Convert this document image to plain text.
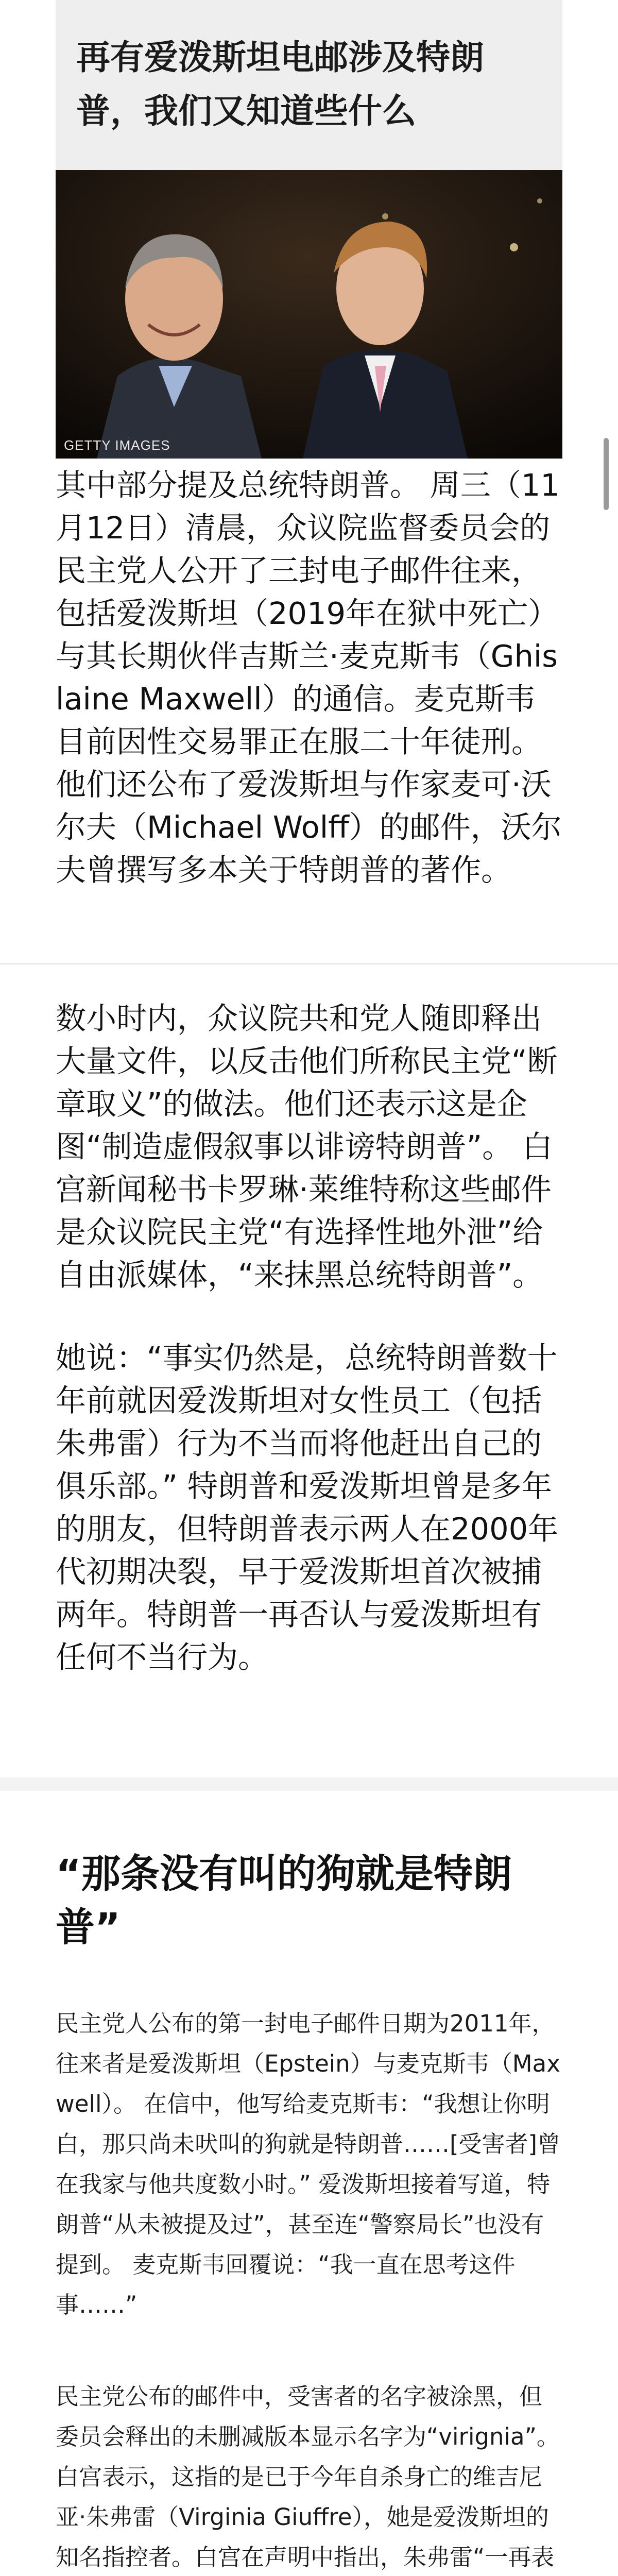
再有爱泼斯坦电邮涉及特朗普，我们又知道些什么
GETTY IMAGES

其中部分提及总统特朗普。 周三（11月12日）清晨，众议院监督委员会的民主党人公开了三封电子邮件往来，包括爱泼斯坦（2019年在狱中死亡）与其长期伙伴吉斯兰·麦克斯韦（Ghislaine Maxwell）的通信。麦克斯韦目前因性交易罪正在服二十年徒刑。 他们还公布了爱泼斯坦与作家麦可·沃尔夫（Michael Wolff）的邮件，沃尔夫曾撰写多本关于特朗普的著作。

数小时内，众议院共和党人随即释出大量文件，以反击他们所称民主党“断章取义”的做法。他们还表示这是企图“制造虚假叙事以诽谤特朗普”。 白宫新闻秘书卡罗琳·莱维特称这些邮件是众议院民主党“有选择性地外泄”给自由派媒体，“来抹黑总统特朗普”。

她说：“事实仍然是，总统特朗普数十年前就因爱泼斯坦对女性员工（包括朱弗雷）行为不当而将他赶出自己的俱乐部。” 特朗普和爱泼斯坦曾是多年的朋友，但特朗普表示两人在2000年代初期决裂，早于爱泼斯坦首次被捕两年。特朗普一再否认与爱泼斯坦有任何不当行为。

“那条没有叫的狗就是特朗普”

民主党人公布的第一封电子邮件日期为2011年，往来者是爱泼斯坦（Epstein）与麦克斯韦（Maxwell）。 在信中，他写给麦克斯韦：“我想让你明白，那只尚未吠叫的狗就是特朗普……[受害者]曾在我家与他共度数小时。” 爱泼斯坦接着写道，特朗普“从未被提及过”，甚至连“警察局长”也没有提到。 麦克斯韦回覆说：“我一直在思考这件事……”

民主党公布的邮件中，受害者的名字被涂黑，但委员会释出的未删减版本显示名字为“virignia”。 白宫表示，这指的是已于今年自杀身亡的维吉尼亚·朱弗雷（Virginia Giuffre），她是爱泼斯坦的知名指控者。白宫在声明中指出，朱弗雷“一再表
